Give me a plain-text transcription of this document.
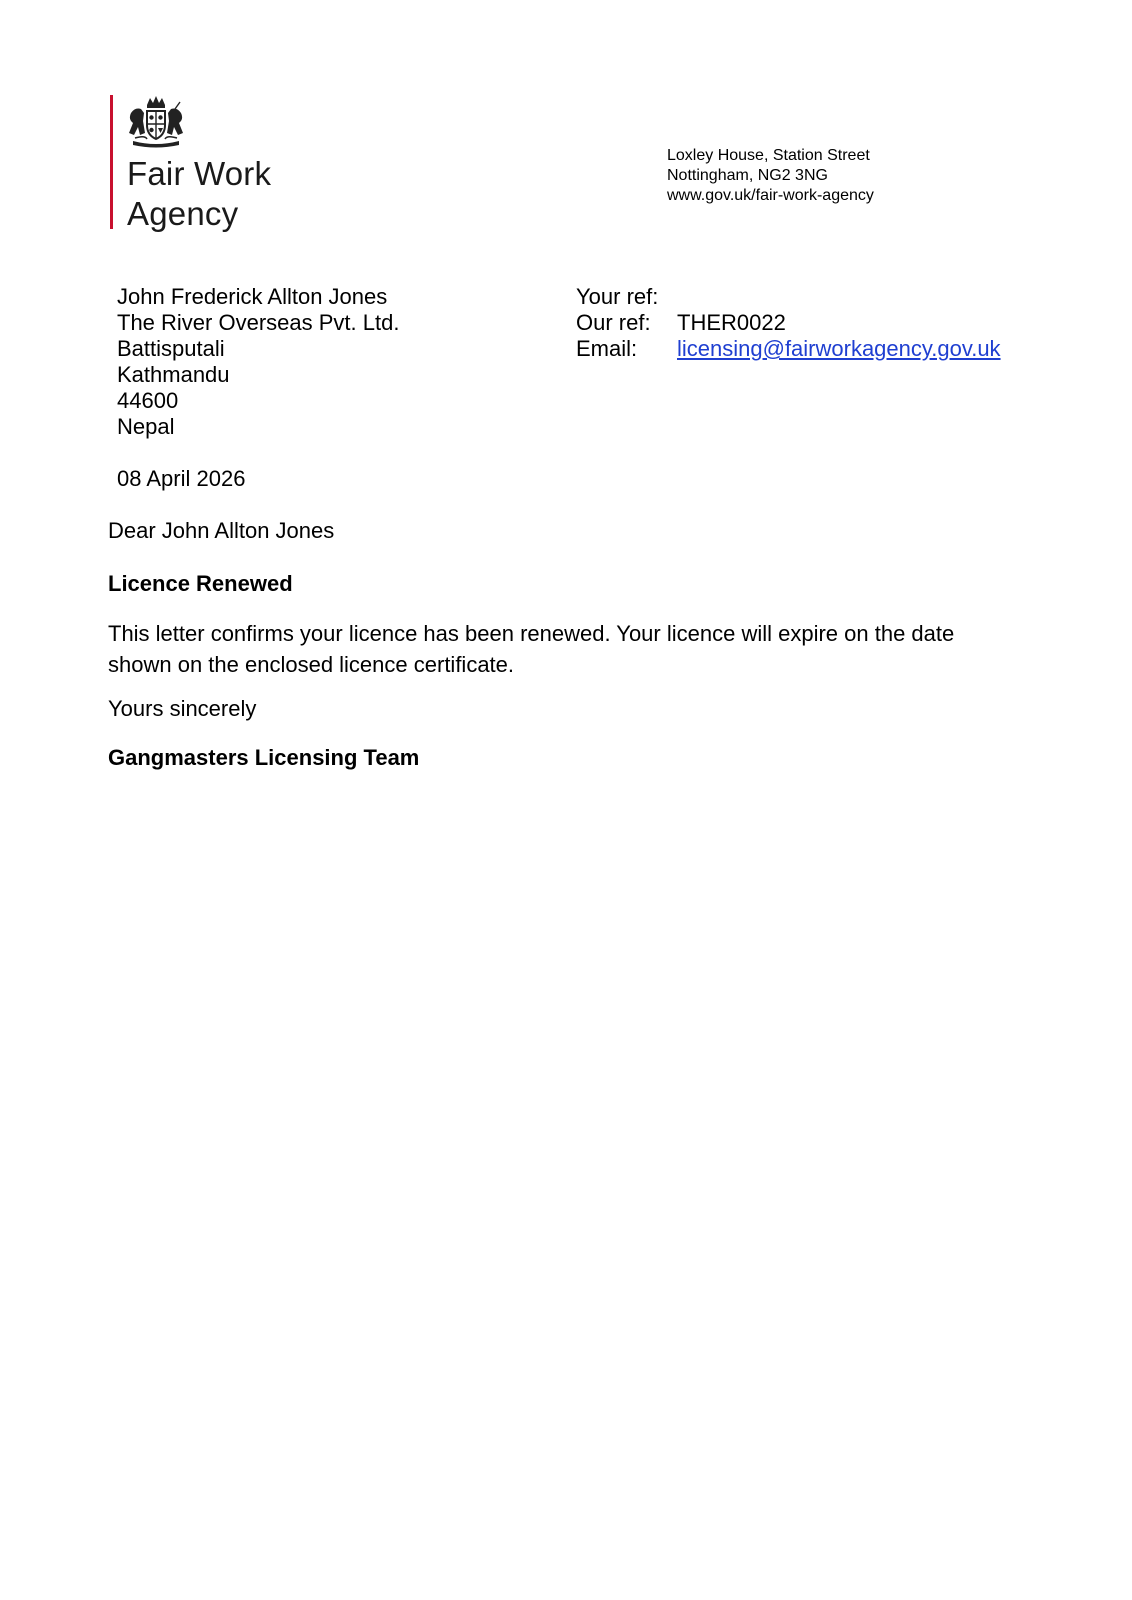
Fair Work
Agency
Loxley House, Station Street
Nottingham, NG2 3NG
www.gov.uk/fair-work-agency
John Frederick Allton Jones
The River Overseas Pvt. Ltd.
Battisputali
Kathmandu
44600
Nepal
Your ref:
Our ref: THER0022
Email: licensing@fairworkagency.gov.uk
08 April 2026
Dear John Allton Jones
Licence Renewed
This letter confirms your licence has been renewed. Your licence will expire on the date shown on the enclosed licence certificate.
Yours sincerely
Gangmasters Licensing Team
